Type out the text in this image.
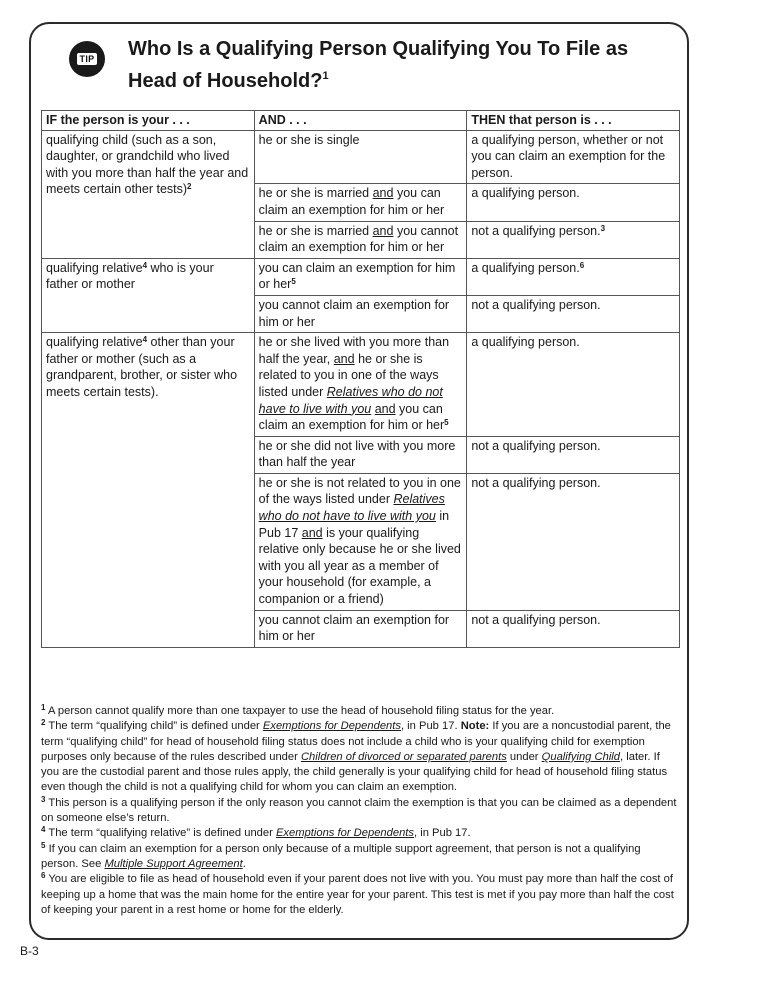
TIP Who Is a Qualifying Person Qualifying You To File as Head of Household?$^1$
IF the person is your . . .	AND . . .	THEN that person is . . .
qualifying child (such as a son, daughter, or grandchild who lived with you more than half the year and meets certain other tests)$^2$	he or she is single	a qualifying person, whether or not you can claim an exemption for the person.
	he or she is married and you can claim an exemption for him or her	a qualifying person.
	he or she is married and you cannot claim an exemption for him or her	not a qualifying person.$^3$
qualifying relative$^4$ who is your father or mother	you can claim an exemption for him or her$^5$	a qualifying person.$^6$
	you cannot claim an exemption for him or her	not a qualifying person.
qualifying relative$^4$ other than your father or mother (such as a grandparent, brother, or sister who meets certain tests).	he or she lived with you more than half the year, and he or she is related to you in one of the ways listed under Relatives who do not have to live with you and you can claim an exemption for him or her$^5$	a qualifying person.
	he or she did not live with you more than half the year	not a qualifying person.
	he or she is not related to you in one of the ways listed under Relatives who do not have to live with you in Pub 17 and is your qualifying relative only because he or she lived with you all year as a member of your household (for example, a companion or a friend)	not a qualifying person.
	you cannot claim an exemption for him or her	not a qualifying person.

$^1$ A person cannot qualify more than one taxpayer to use the head of household filing status for the year.

$^2$ The term “qualifying child” is defined under Exemptions for Dependents, in Pub 17. Note: If you are a noncustodial parent, the term “qualifying child” for head of household filing status does not include a child who is your qualifying child for exemption purposes only because of the rules described under Children of divorced or separated parents under Qualifying Child, later. If you are the custodial parent and those rules apply, the child generally is your qualifying child for head of household filing status even though the child is not a qualifying child for whom you can claim an exemption.

$^3$ This person is a qualifying person if the only reason you cannot claim the exemption is that you can be claimed as a dependent on someone else’s return.

$^4$ The term “qualifying relative” is defined under Exemptions for Dependents, in Pub 17.

$^5$ If you can claim an exemption for a person only because of a multiple support agreement, that person is not a qualifying person. See Multiple Support Agreement.

$^6$ You are eligible to file as head of household even if your parent does not live with you. You must pay more than half the cost of keeping up a home that was the main home for the entire year for your parent. This test is met if you pay more than half the cost of keeping your parent in a rest home or home for the elderly.

B-3
